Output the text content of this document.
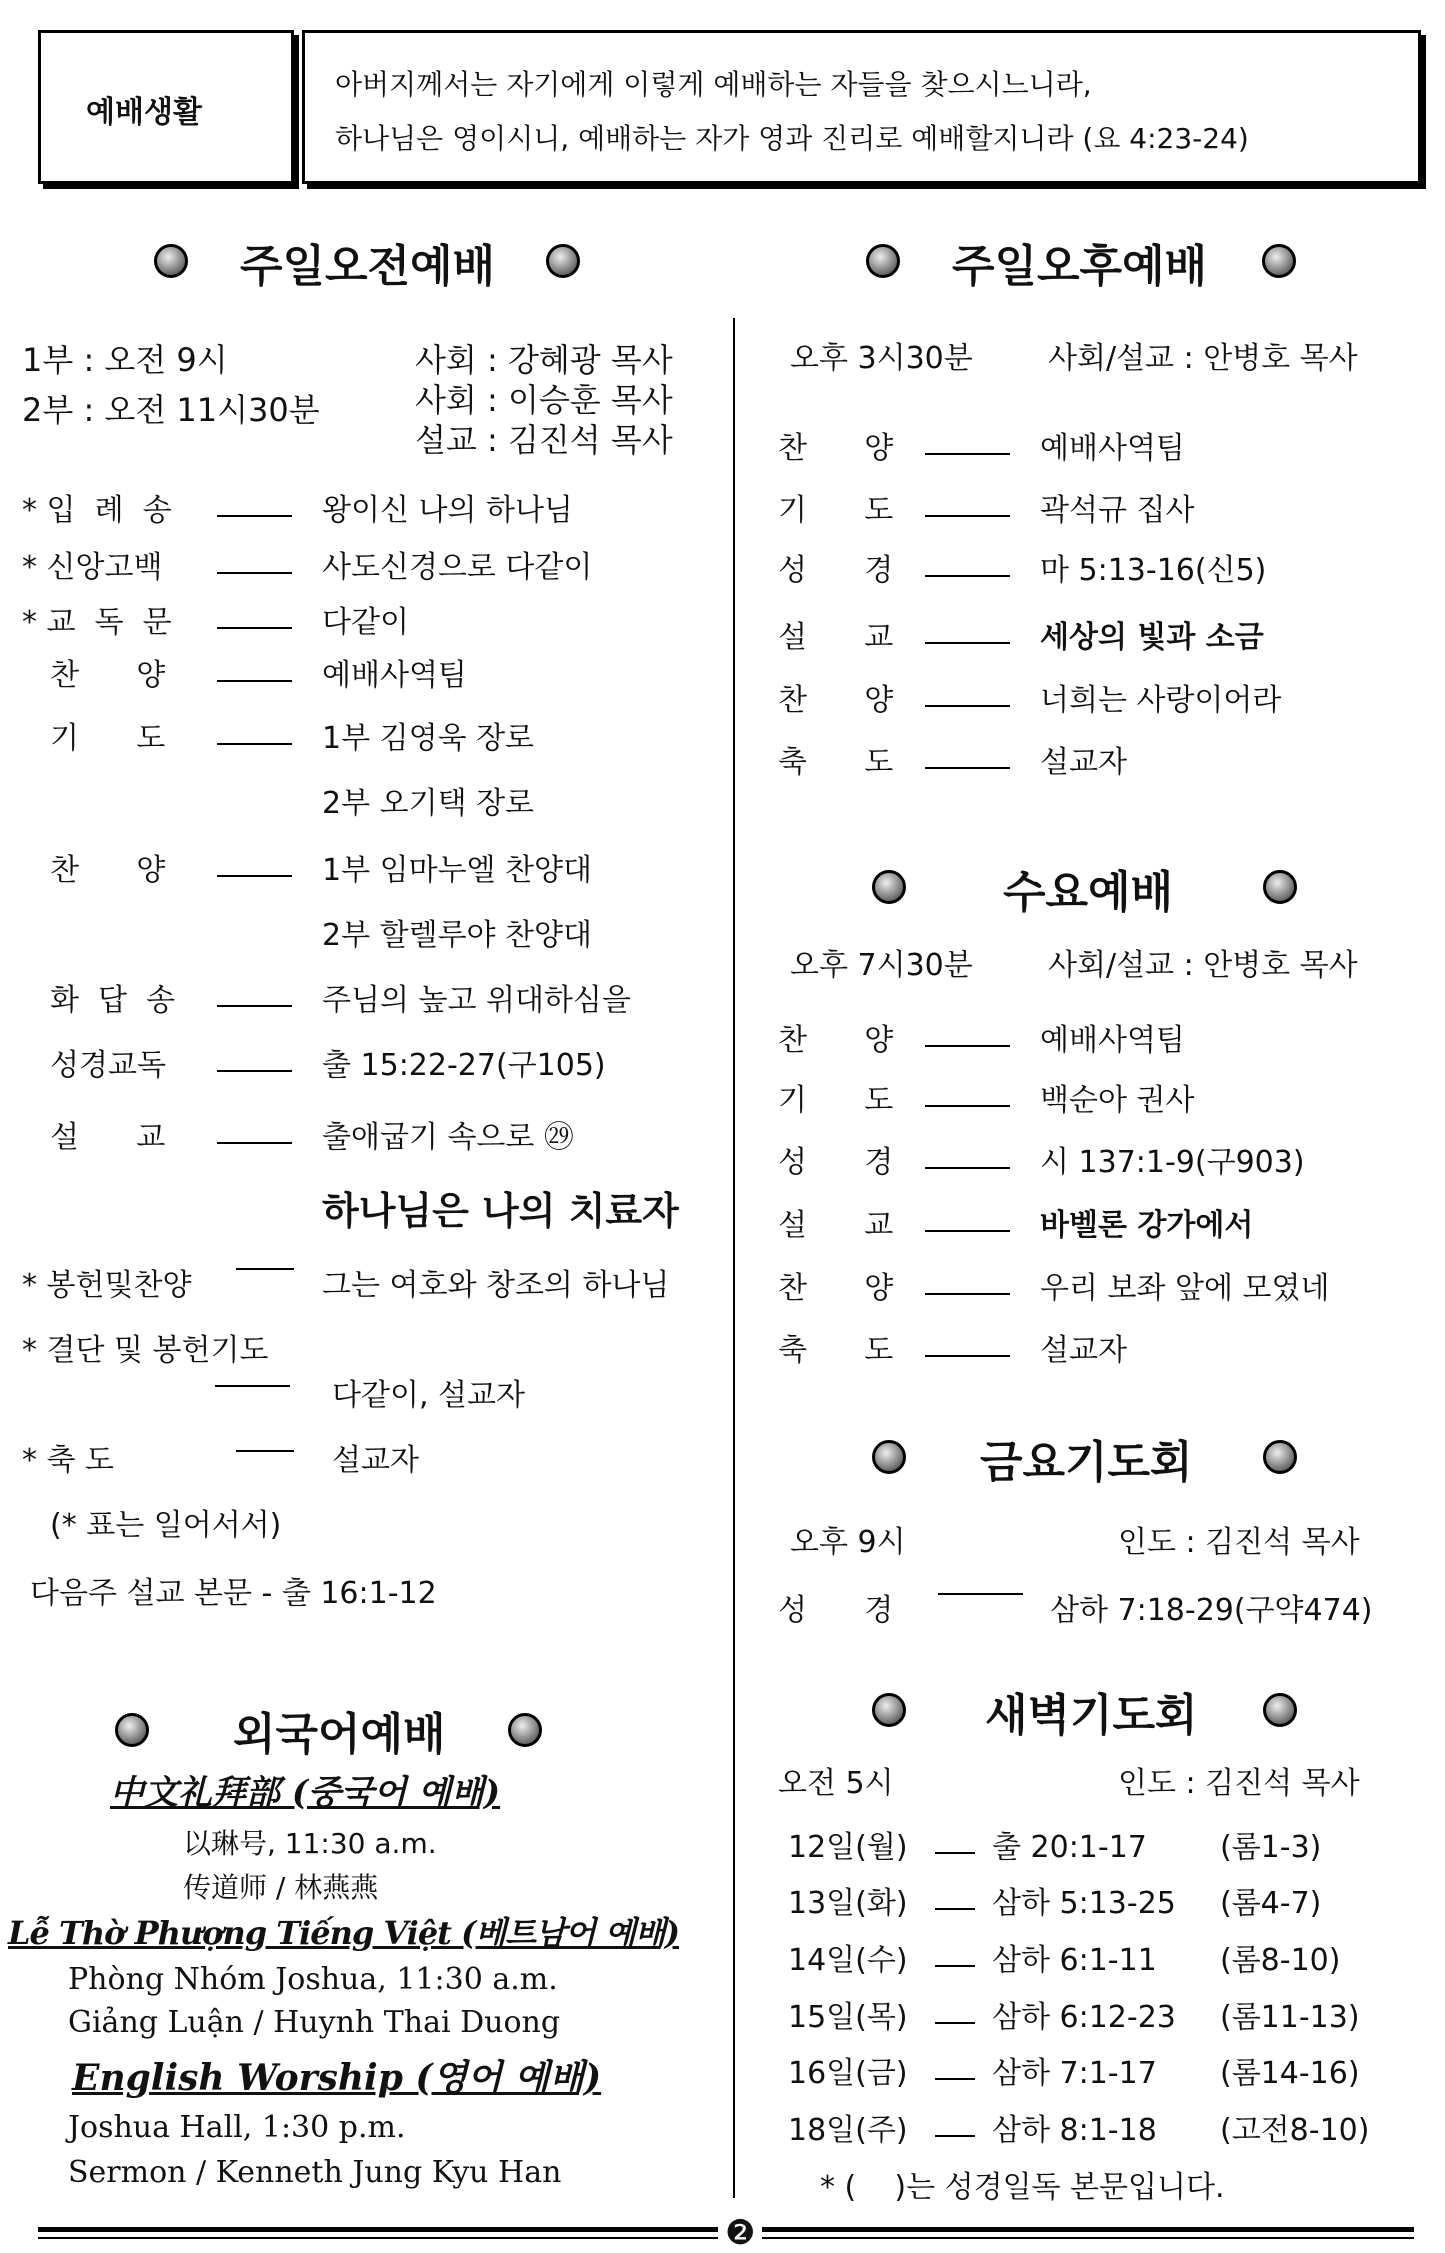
예배생활
아버지께서는 자기에게 이렇게 예배하는 자들을 찾으시느니라,
하나님은 영이시니, 예배하는 자가 영과 진리로 예배할지니라 (요 4:23-24)
주일오전예배
1부 : 오전 9시
2부 : 오전 11시30분
사회 : 강혜광 목사
사회 : 이승훈 목사
설교 : 김진석 목사
* 입  례  송	왕이신 나의 하나님
* 신앙고백	사도신경으로 다같이
* 교  독  문	다같이
찬      양	예배사역팀
기      도	1부 김영욱 장로
2부 오기택 장로
찬      양	1부 임마누엘 찬양대
2부 할렐루야 찬양대
화  답  송	주님의 높고 위대하심을
성경교독	출 15:22-27(구105)
설      교	출애굽기 속으로 ㉙
하나님은 나의 치료자
* 봉헌및찬양	그는 여호와 창조의 하나님
* 결단 및 봉헌기도
다같이, 설교자
* 축 도	설교자
(* 표는 일어서서)
다음주 설교 본문 - 출 16:1-12
외국어예배
中文礼拜部 (중국어 예배)
以琳号, 11:30 a.m.
传道师 / 林燕燕
Lễ Thờ Phượng Tiếng Việt (베트남어 예배)
Phòng Nhóm Joshua, 11:30 a.m.
Giảng Luận / Huynh Thai Duong
English Worship (영어 예배)
Joshua Hall, 1:30 p.m.
Sermon / Kenneth Jung Kyu Han
주일오후예배
오후 3시30분	사회/설교 : 안병호 목사
찬      양	예배사역팀
기      도	곽석규 집사
성      경	마 5:13-16(신5)
설      교	세상의 빛과 소금
찬      양	너희는 사랑이어라
축      도	설교자
수요예배
오후 7시30분	사회/설교 : 안병호 목사
찬      양	예배사역팀
기      도	백순아 권사
성      경	시 137:1-9(구903)
설      교	바벨론 강가에서
찬      양	우리 보좌 앞에 모였네
축      도	설교자
금요기도회
오후 9시	인도 : 김진석 목사
성      경	삼하 7:18-29(구약474)
새벽기도회
오전 5시	인도 : 김진석 목사
12일(월)	출 20:1-17 (롬1-3)
13일(화)	삼하 5:13-25 (롬4-7)
14일(수)	삼하 6:1-11 (롬8-10)
15일(목)	삼하 6:12-23 (롬11-13)
16일(금)	삼하 7:1-17 (롬14-16)
18일(주)	삼하 8:1-18 (고전8-10)
* (    )는 성경일독 본문입니다.
❷
